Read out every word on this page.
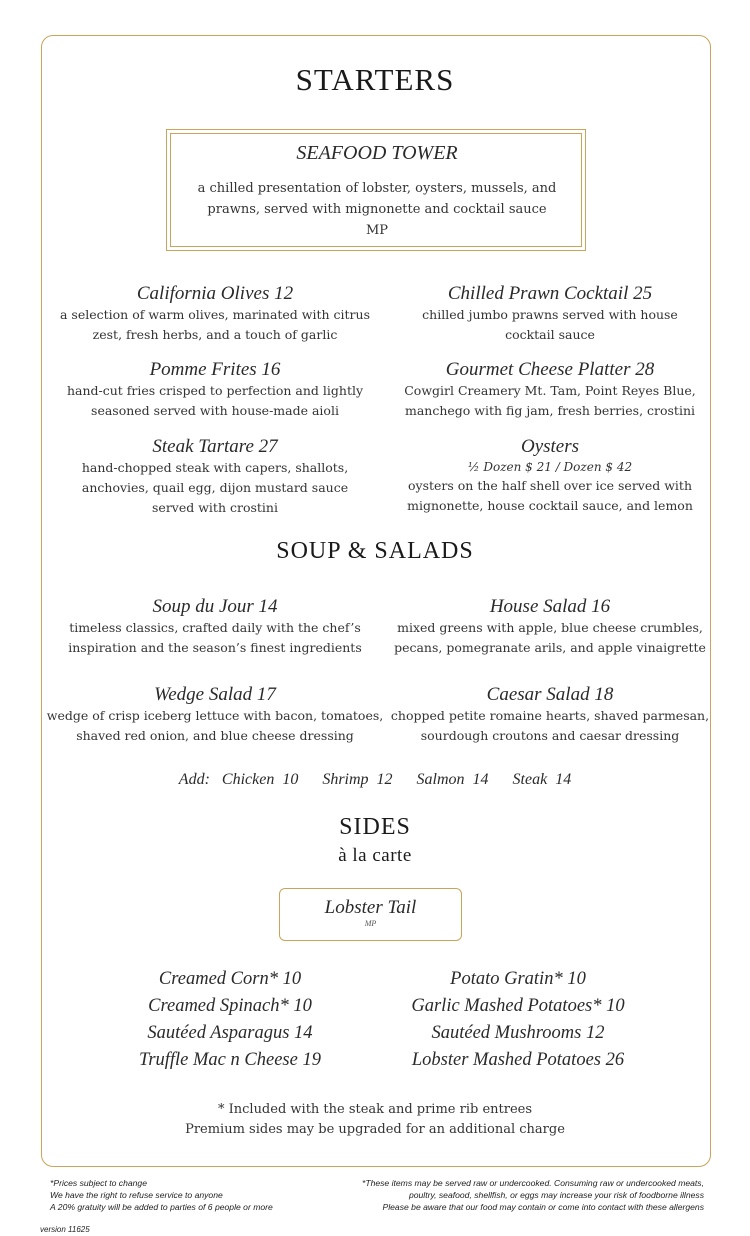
STARTERS
SEAFOOD TOWER
a chilled presentation of lobster, oysters, mussels, and
prawns, served with mignonette and cocktail sauce
MP
California Olives 12
a selection of warm olives, marinated with citrus
zest, fresh herbs, and a touch of garlic
Chilled Prawn Cocktail 25
chilled jumbo prawns served with house
cocktail sauce
Pomme Frites 16
hand-cut fries crisped to perfection and lightly
seasoned served with house-made aioli
Gourmet Cheese Platter 28
Cowgirl Creamery Mt. Tam, Point Reyes Blue,
manchego with fig jam, fresh berries, crostini
Steak Tartare 27
hand-chopped steak with capers, shallots,
anchovies, quail egg, dijon mustard sauce
served with crostini
Oysters
½ Dozen $ 21 / Dozen $ 42
oysters on the half shell over ice served with
mignonette, house cocktail sauce, and lemon
SOUP & SALADS
Soup du Jour 14
timeless classics, crafted daily with the chef’s
inspiration and the season’s finest ingredients
House Salad 16
mixed greens with apple, blue cheese crumbles,
pecans, pomegranate arils, and apple vinaigrette
Wedge Salad 17
wedge of crisp iceberg lettuce with bacon, tomatoes,
shaved red onion, and blue cheese dressing
Caesar Salad 18
chopped petite romaine hearts, shaved parmesan,
sourdough croutons and caesar dressing
Add:   Chicken  10      Shrimp  12      Salmon  14      Steak  14
SIDES
à la carte
Lobster Tail
MP
Creamed Corn* 10
Creamed Spinach* 10
Sautéed Asparagus 14
Truffle Mac n Cheese 19
Potato Gratin* 10
Garlic Mashed Potatoes* 10
Sautéed Mushrooms 12
Lobster Mashed Potatoes 26
* Included with the steak and prime rib entrees
Premium sides may be upgraded for an additional charge
*Prices subject to change
We have the right to refuse service to anyone
A 20% gratuity will be added to parties of 6 people or more
*These items may be served raw or undercooked. Consuming raw or undercooked meats,
poultry, seafood, shellfish, or eggs may increase your risk of foodborne illness
Please be aware that our food may contain or come into contact with these allergens
version 11625
